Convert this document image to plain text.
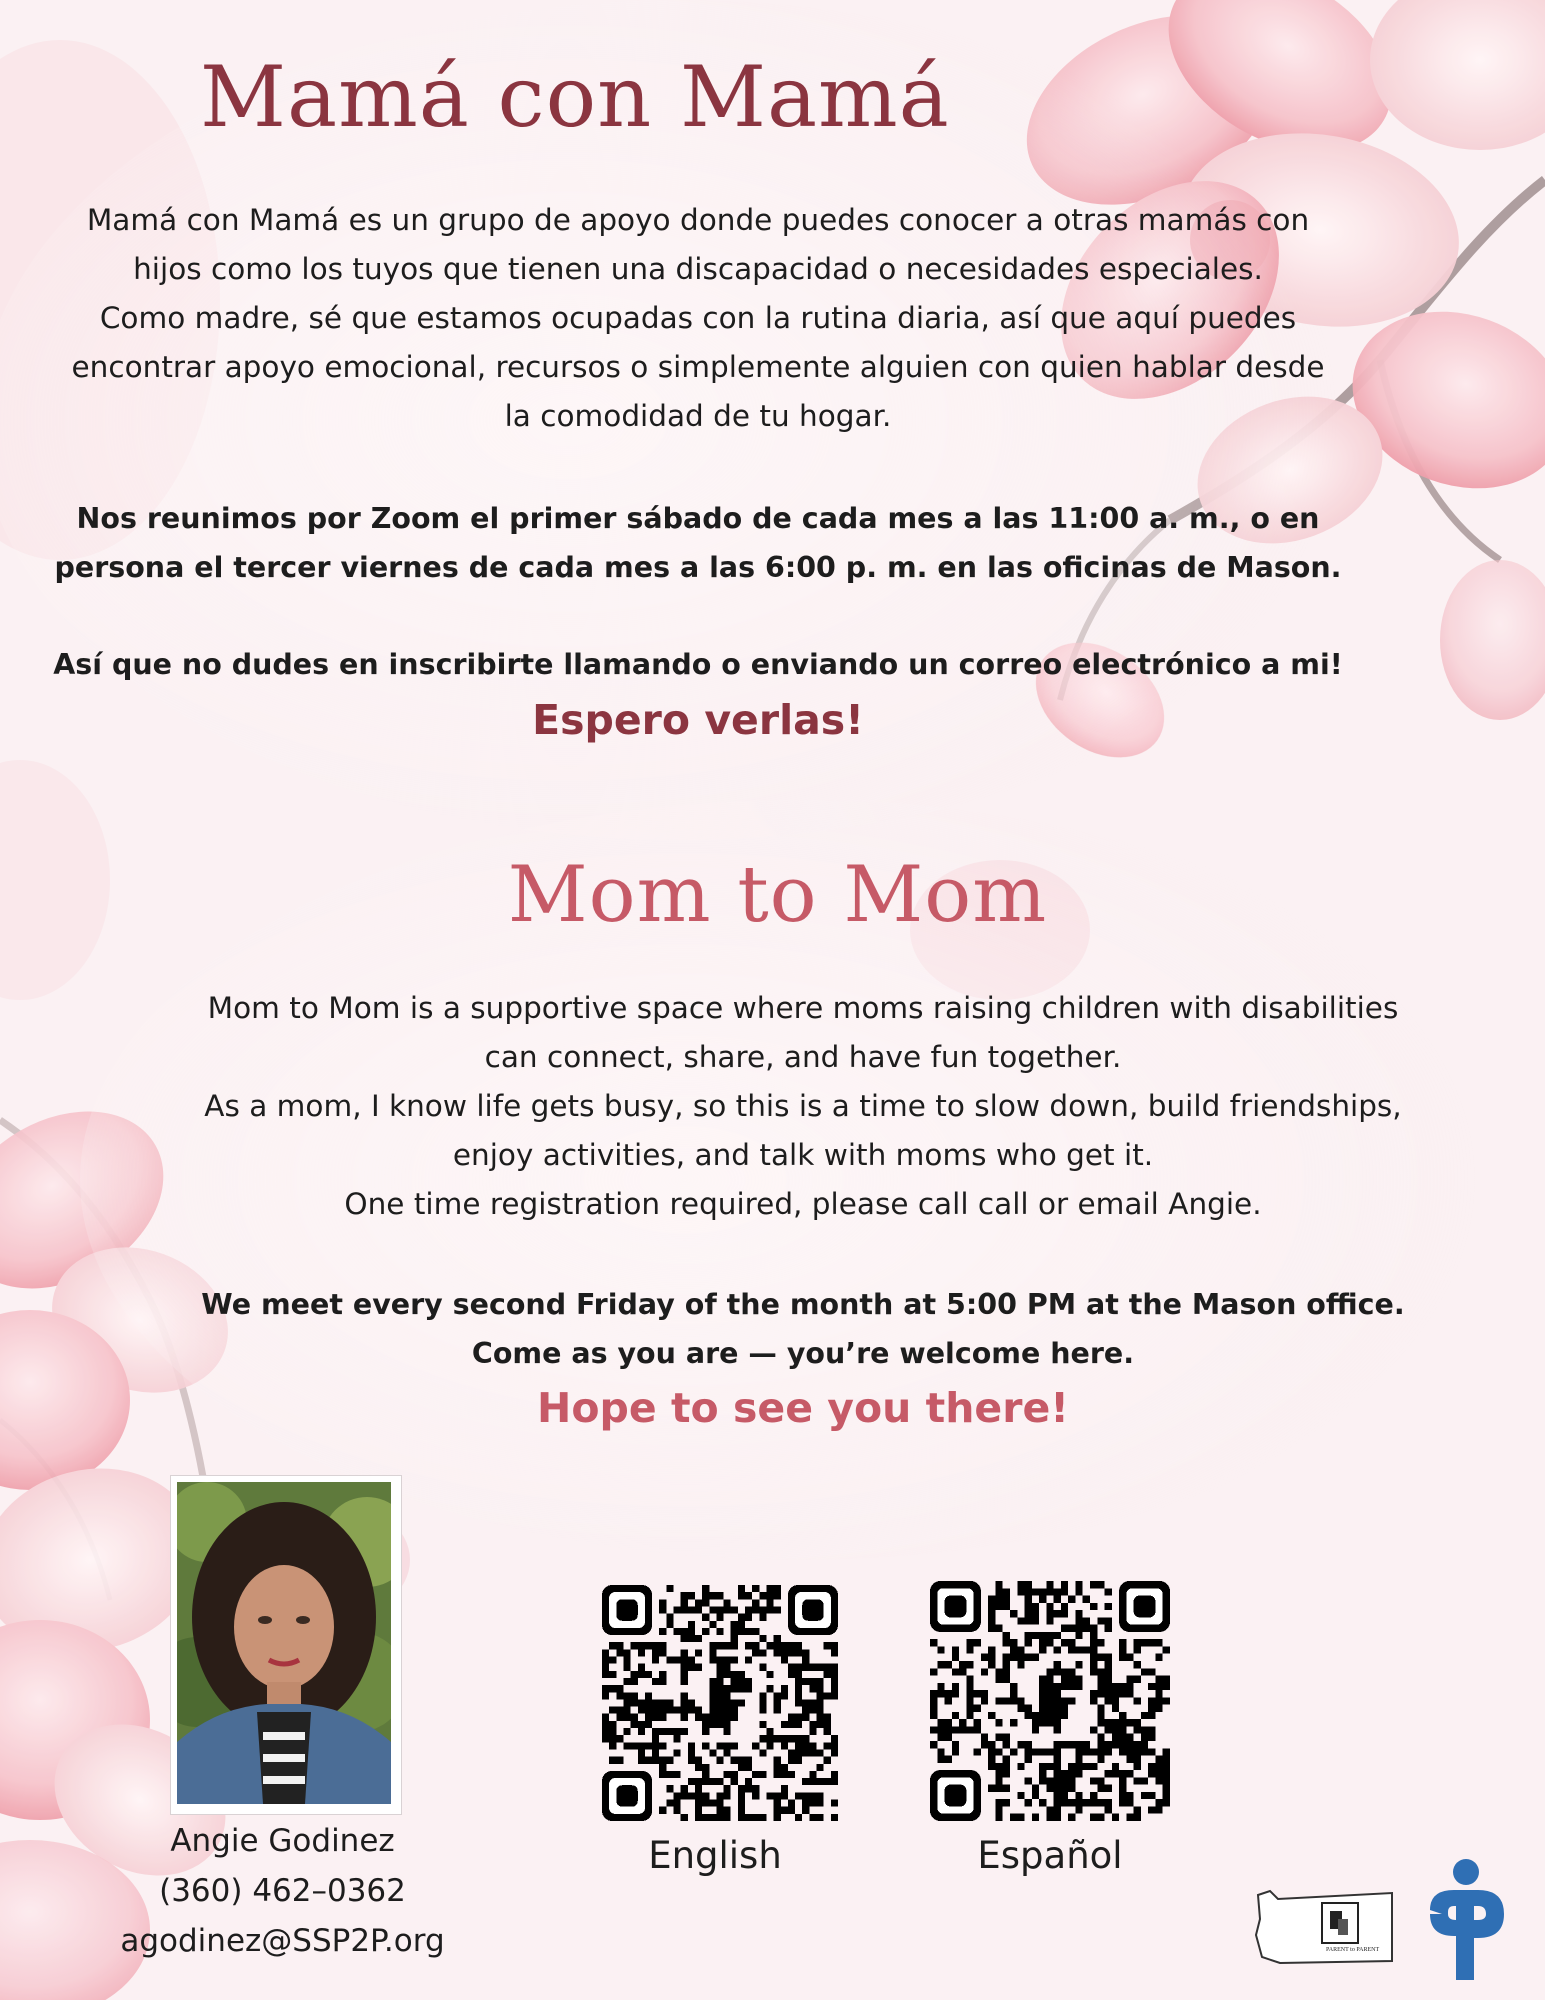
Mamá con Mamá
Mamá con Mamá es un grupo de apoyo donde puedes conocer a otras mamás con
hijos como los tuyos que tienen una discapacidad o necesidades especiales.
Como madre, sé que estamos ocupadas con la rutina diaria, así que aquí puedes
encontrar apoyo emocional, recursos o simplemente alguien con quien hablar desde
la comodidad de tu hogar.
Nos reunimos por Zoom el primer sábado de cada mes a las 11:00 a. m., o en
persona el tercer viernes de cada mes a las 6:00 p. m. en las oficinas de Mason.
Así que no dudes en inscribirte llamando o enviando un correo electrónico a mi!
Espero verlas!
Mom to Mom
Mom to Mom is a supportive space where moms raising children with disabilities
can connect, share, and have fun together.
As a mom, I know life gets busy, so this is a time to slow down, build friendships,
enjoy activities, and talk with moms who get it.
One time registration required, please call call or email Angie.
We meet every second Friday of the month at 5:00 PM at the Mason office.
Come as you are — you’re welcome here.
Hope to see you there!
Angie Godinez
(360) 462–0362
agodinez@SSP2P.org

English	Español

PARENT to PARENT
